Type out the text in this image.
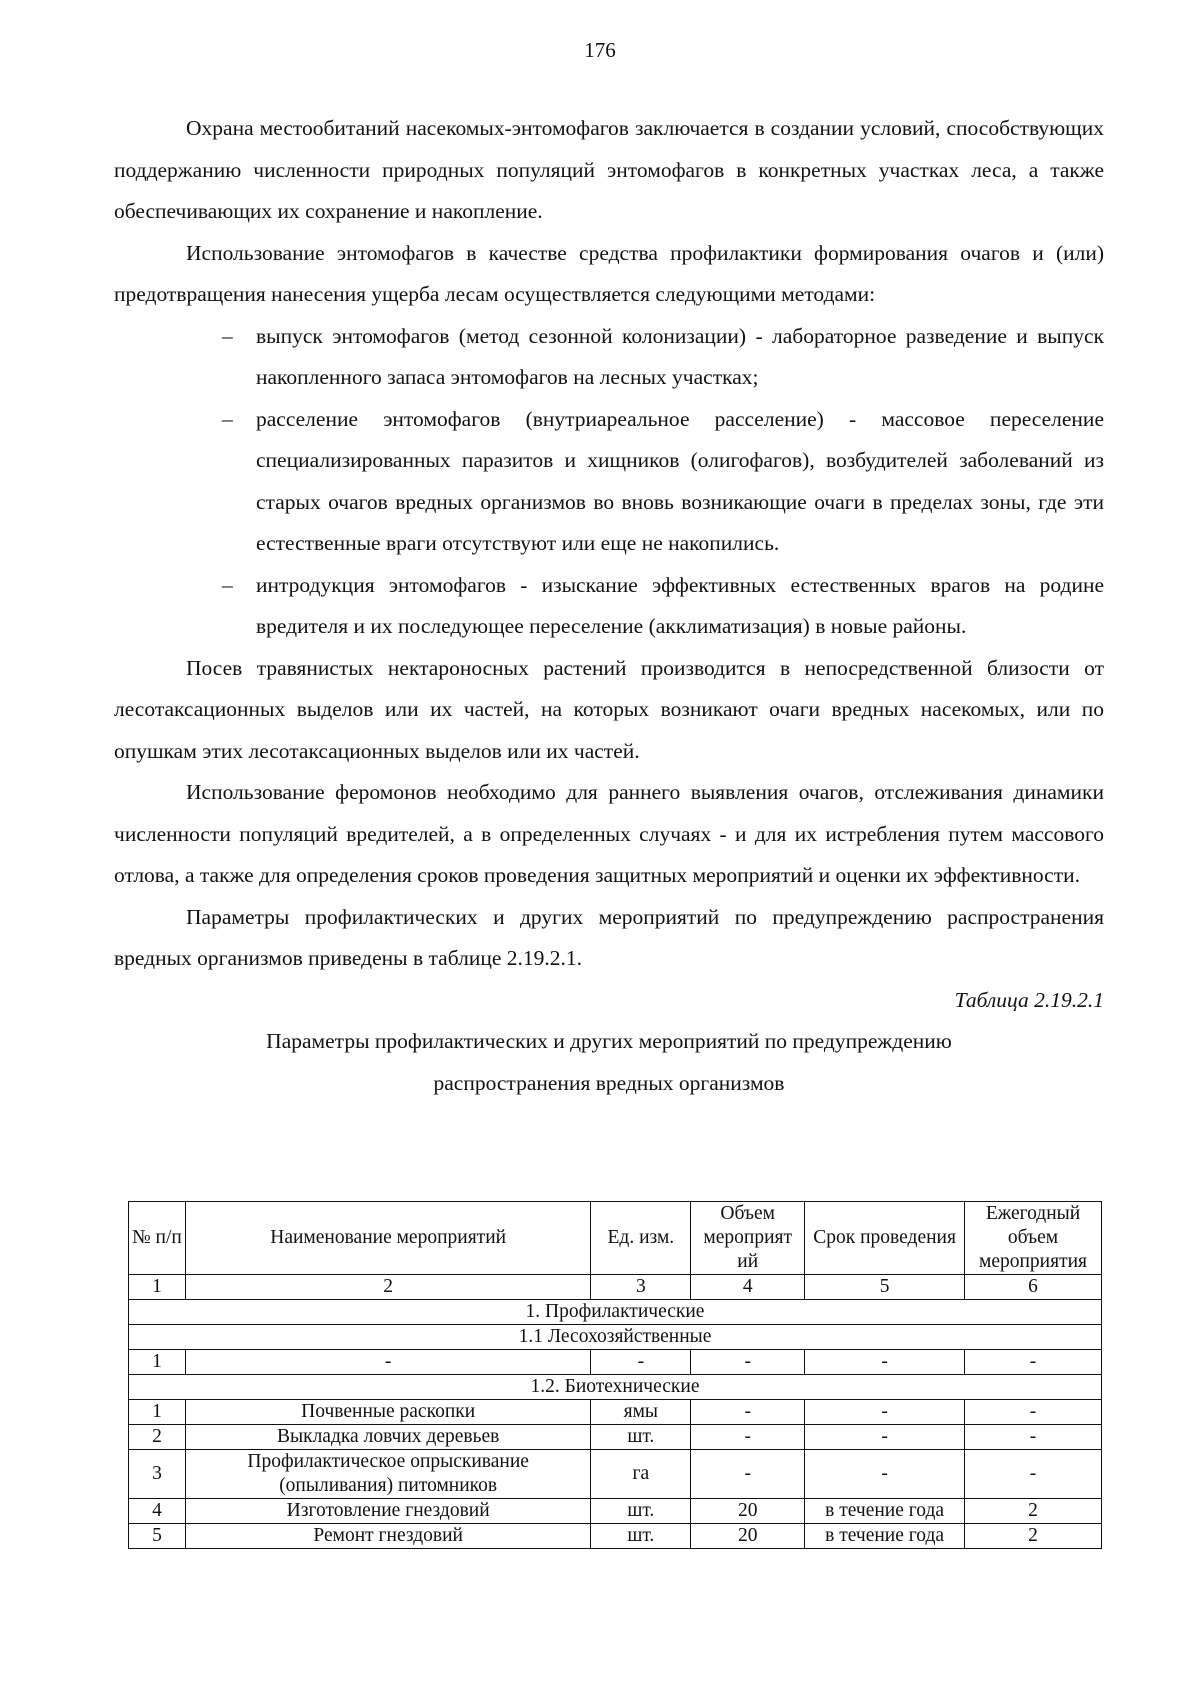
176

Охрана местообитаний насекомых-энтомофагов заключается в создании условий, способствующих поддержанию численности природных популяций энтомофагов в конкретных участках леса, а также обеспечивающих их сохранение и накопление.

Использование энтомофагов в качестве средства профилактики формирования очагов и (или) предотвращения нанесения ущерба лесам осуществляется следующими методами:

– выпуск энтомофагов (метод сезонной колонизации) - лабораторное разведение и выпуск накопленного запаса энтомофагов на лесных участках;

– расселение энтомофагов (внутриареальное расселение) - массовое переселение специализированных паразитов и хищников (олигофагов), возбудителей заболеваний из старых очагов вредных организмов во вновь возникающие очаги в пределах зоны, где эти естественные враги отсутствуют или еще не накопились.

– интродукция энтомофагов - изыскание эффективных естественных врагов на родине вредителя и их последующее переселение (акклиматизация) в новые районы.

Посев травянистых нектароносных растений производится в непосредственной близости от лесотаксационных выделов или их частей, на которых возникают очаги вредных насекомых, или по опушкам этих лесотаксационных выделов или их частей.

Использование феромонов необходимо для раннего выявления очагов, отслеживания динамики численности популяций вредителей, а в определенных случаях - и для их истребления путем массового отлова, а также для определения сроков проведения защитных мероприятий и оценки их эффективности.

Параметры профилактических и других мероприятий по предупреждению распространения вредных организмов приведены в таблице 2.19.2.1.

Таблица 2.19.2.1

Параметры профилактических и других мероприятий по предупреждению

распространения вредных организмов

№ п/п	Наименование мероприятий	Ед. изм.	Объем мероприят ий	Срок проведения	Ежегодный объем мероприятия
1	2	3	4	5	6
1. Профилактические					
1.1 Лесохозяйственные					
1	-	-	-	-	-
1.2. Биотехнические					
1	Почвенные раскопки	ямы	-	-	-
2	Выкладка ловчих деревьев	шт.	-	-	-
3	Профилактическое опрыскивание (опыливания) питомников	га	-	-	-
4	Изготовление гнездовий	шт.	20	в течение года	2
5	Ремонт гнездовий	шт.	20	в течение года	2
